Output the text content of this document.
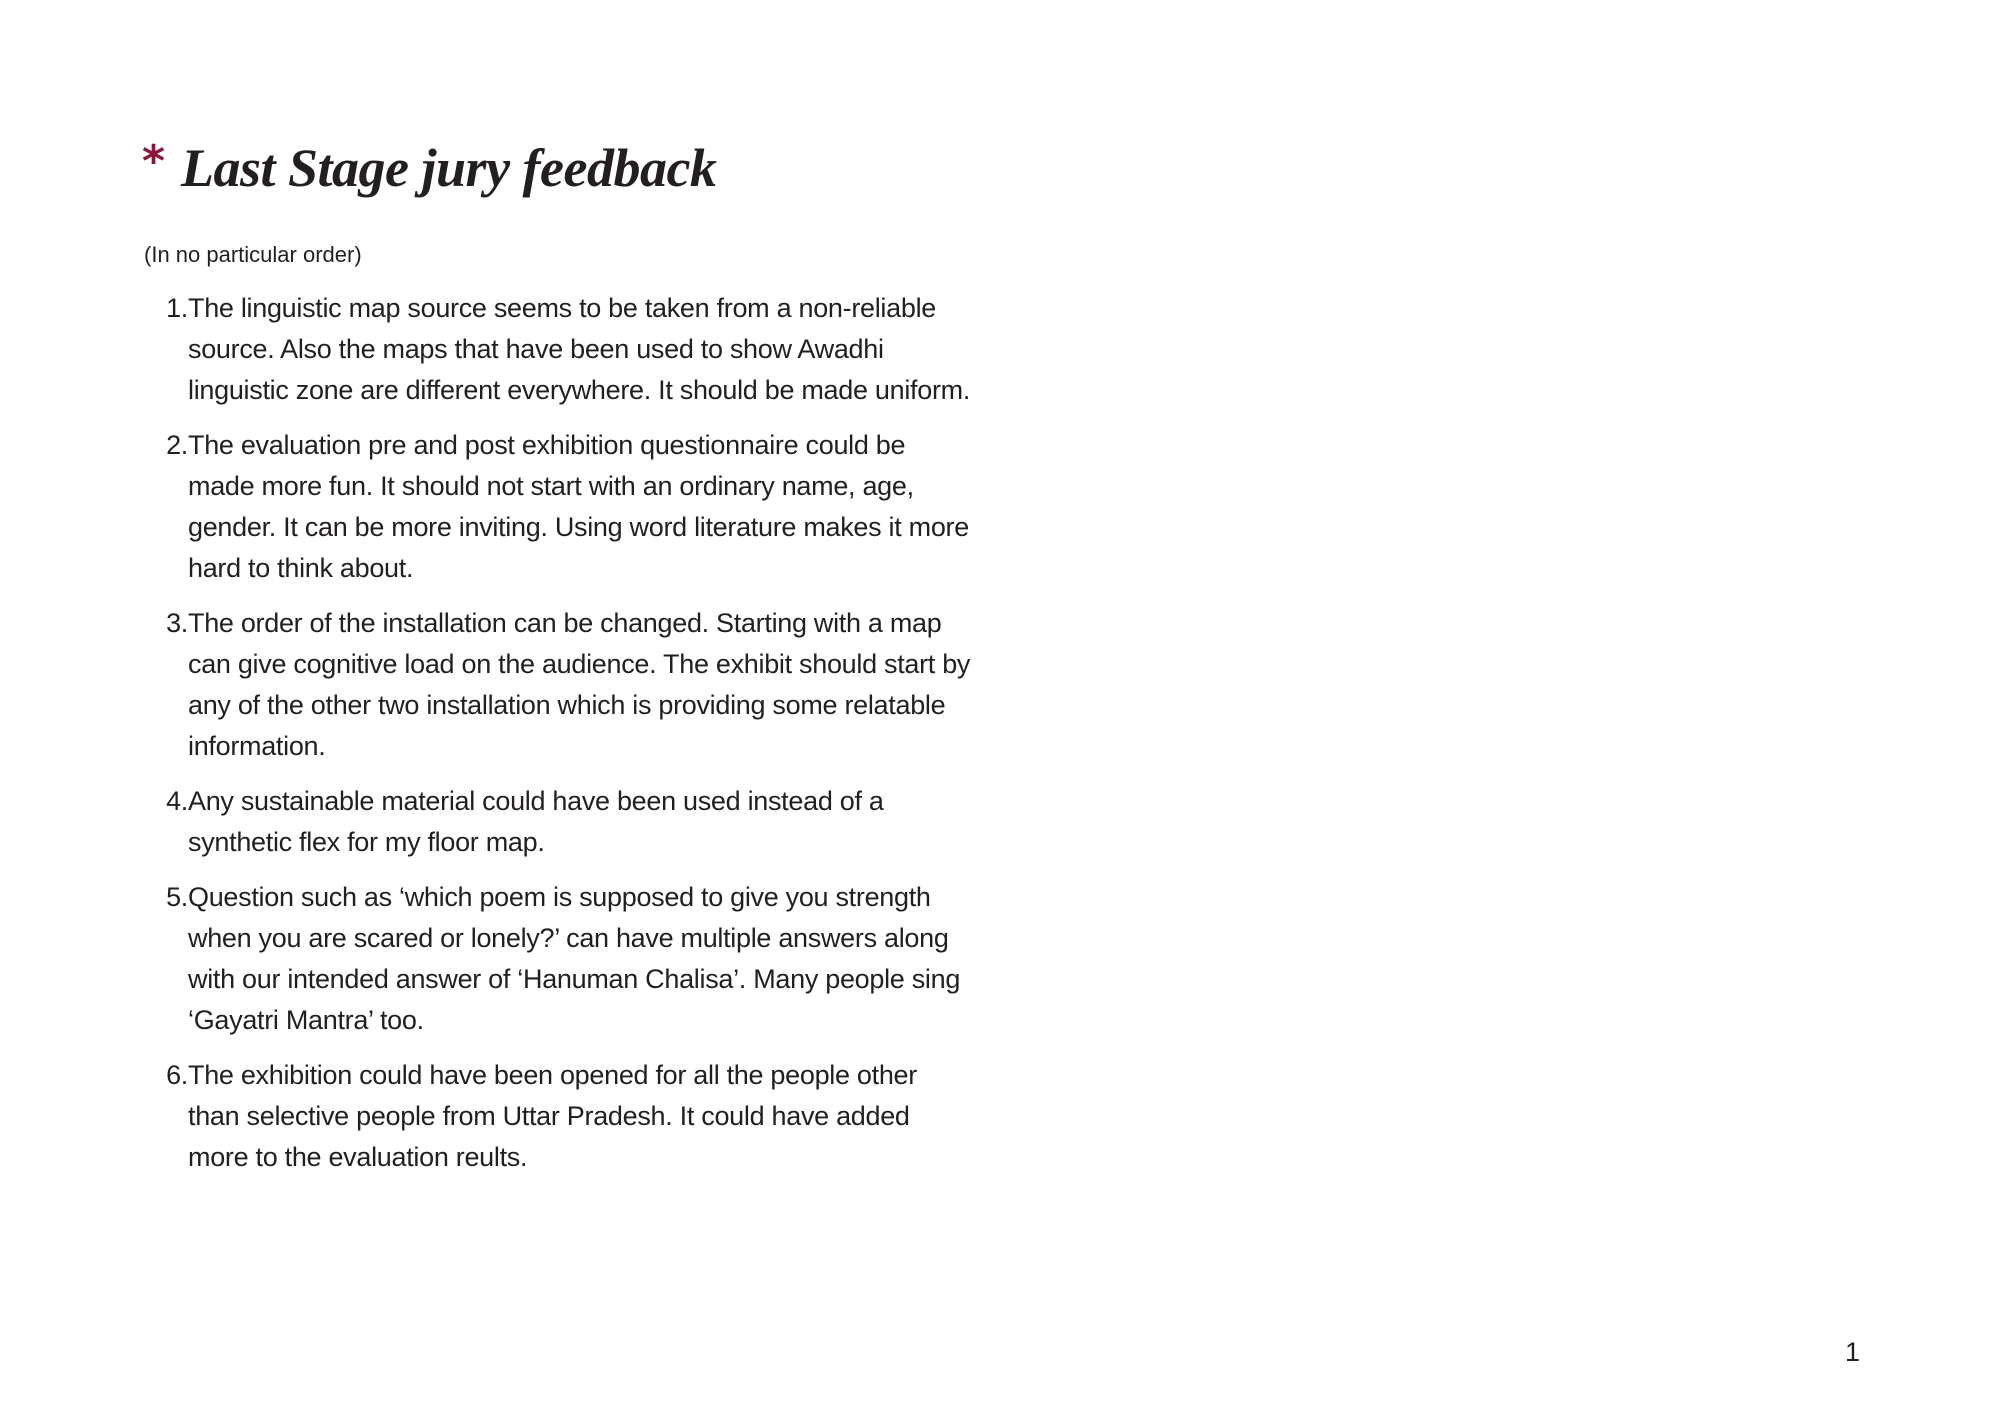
* Last Stage jury feedback

(In no particular order)

1. The linguistic map source seems to be taken from a non-reliable source. Also the maps that have been used to show Awadhi linguistic zone are different everywhere. It should be made uniform.
2. The evaluation pre and post exhibition questionnaire could be made more fun. It should not start with an ordinary name, age, gender. It can be more inviting. Using word literature makes it more hard to think about.
3. The order of the installation can be changed. Starting with a map can give cognitive load on the audience. The exhibit should start by any of the other two installation which is providing some relatable information.
4. Any sustainable material could have been used instead of a synthetic flex for my floor map.
5. Question such as ‘which poem is supposed to give you strength when you are scared or lonely?’ can have multiple answers along with our intended answer of ‘Hanuman Chalisa’. Many people sing ‘Gayatri Mantra’ too.
6. The exhibition could have been opened for all the people other than selective people from Uttar Pradesh. It could have added more to the evaluation reults.
1
